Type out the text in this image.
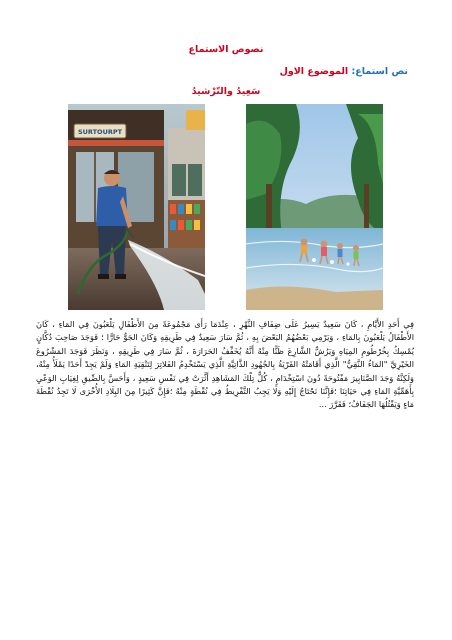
نصوص الاستماع
نص استماع: الموضوع الاول
سَعِيدُ والتّرْشيدُ
SURTOURPT
فِي أَحَدِ الأَيَّامِ ، كَانَ سَعِيدٌ يَسِيرُ عَلَى ضِفَافِ النَّهْرِ ، عِنْدَمَا رَأَى مَجْمُوعَةً مِنَ الأَطْفَالِ يَلْعَبُونَ فِي المَاءِ ، كَانَ الأَطْفَالُ يَلْعَبُونَ بِالمَاءِ ، وَيَرْمِي بَعْضُهُمُ البَعْضَ بِهِ ، ثُمَّ سَارَ سَعِيدٌ فِي طَرِيقِهِ وَكَانَ الجَوُّ حَارًّا ؛ فَوَجَدَ صَاحِبَ دُكَّانٍ يُمْسِكُ بِخُرْطُومِ المِيَاهِ وَيَرُشُّ الشَّارِعَ ظَنًّا مِنْهُ أَنَّهُ يُخَفِّفُ الحَرَارَةَ ، ثُمَّ سَارَ فِي طَرِيقِهِ ، وَنَظَرَ فَوَجَدَ المَشْرُوعَ الخَيْرِيَّ "المَاءُ النَّقِيُّ" الَّذِي أَقَامَتْهُ القَرْيَةُ بِالجُهُودِ الذَّاتِيَّةِ الَّذِي يَسْتَخْدِمُ الفَلاتِرَ لِتَنْقِيَةِ المَاءِ وَلَمْ يَجِدْ أَحَدًا يَمْلَأُ مِنْهُ، وَلَكِنَّهُ وَجَدَ الصَّنَابِيرَ مَفْتُوحَةً دُونَ اسْتِخْدَامٍ ، كُلُّ تِلْكَ المَشَاهِدِ أَثَّرَتْ فِي نَفْسِ سَعِيدٍ ، وَأَحَسَّ بِالضِّيقِ لِغِيَابِ الوَعْيِ بِأَهَمِّيَّةِ المَاءِ فِي حَيَاتِنَا ؛فَإِنَّنَا نَحْتَاجُ إِلَيْهِ وَلَا يَجِبُ التَّفْرِيطُ فِي نُقْطَةٍ مِنْهُ ؛فَإِنَّ كَثِيرًا مِنَ البِلَادِ الأُخْرَى لَا تَجِدُ نُقْطَةَ مَاءٍ وَيَقْتُلُهَا الجَفَافُ؛ فَقَرَّرَ ...
